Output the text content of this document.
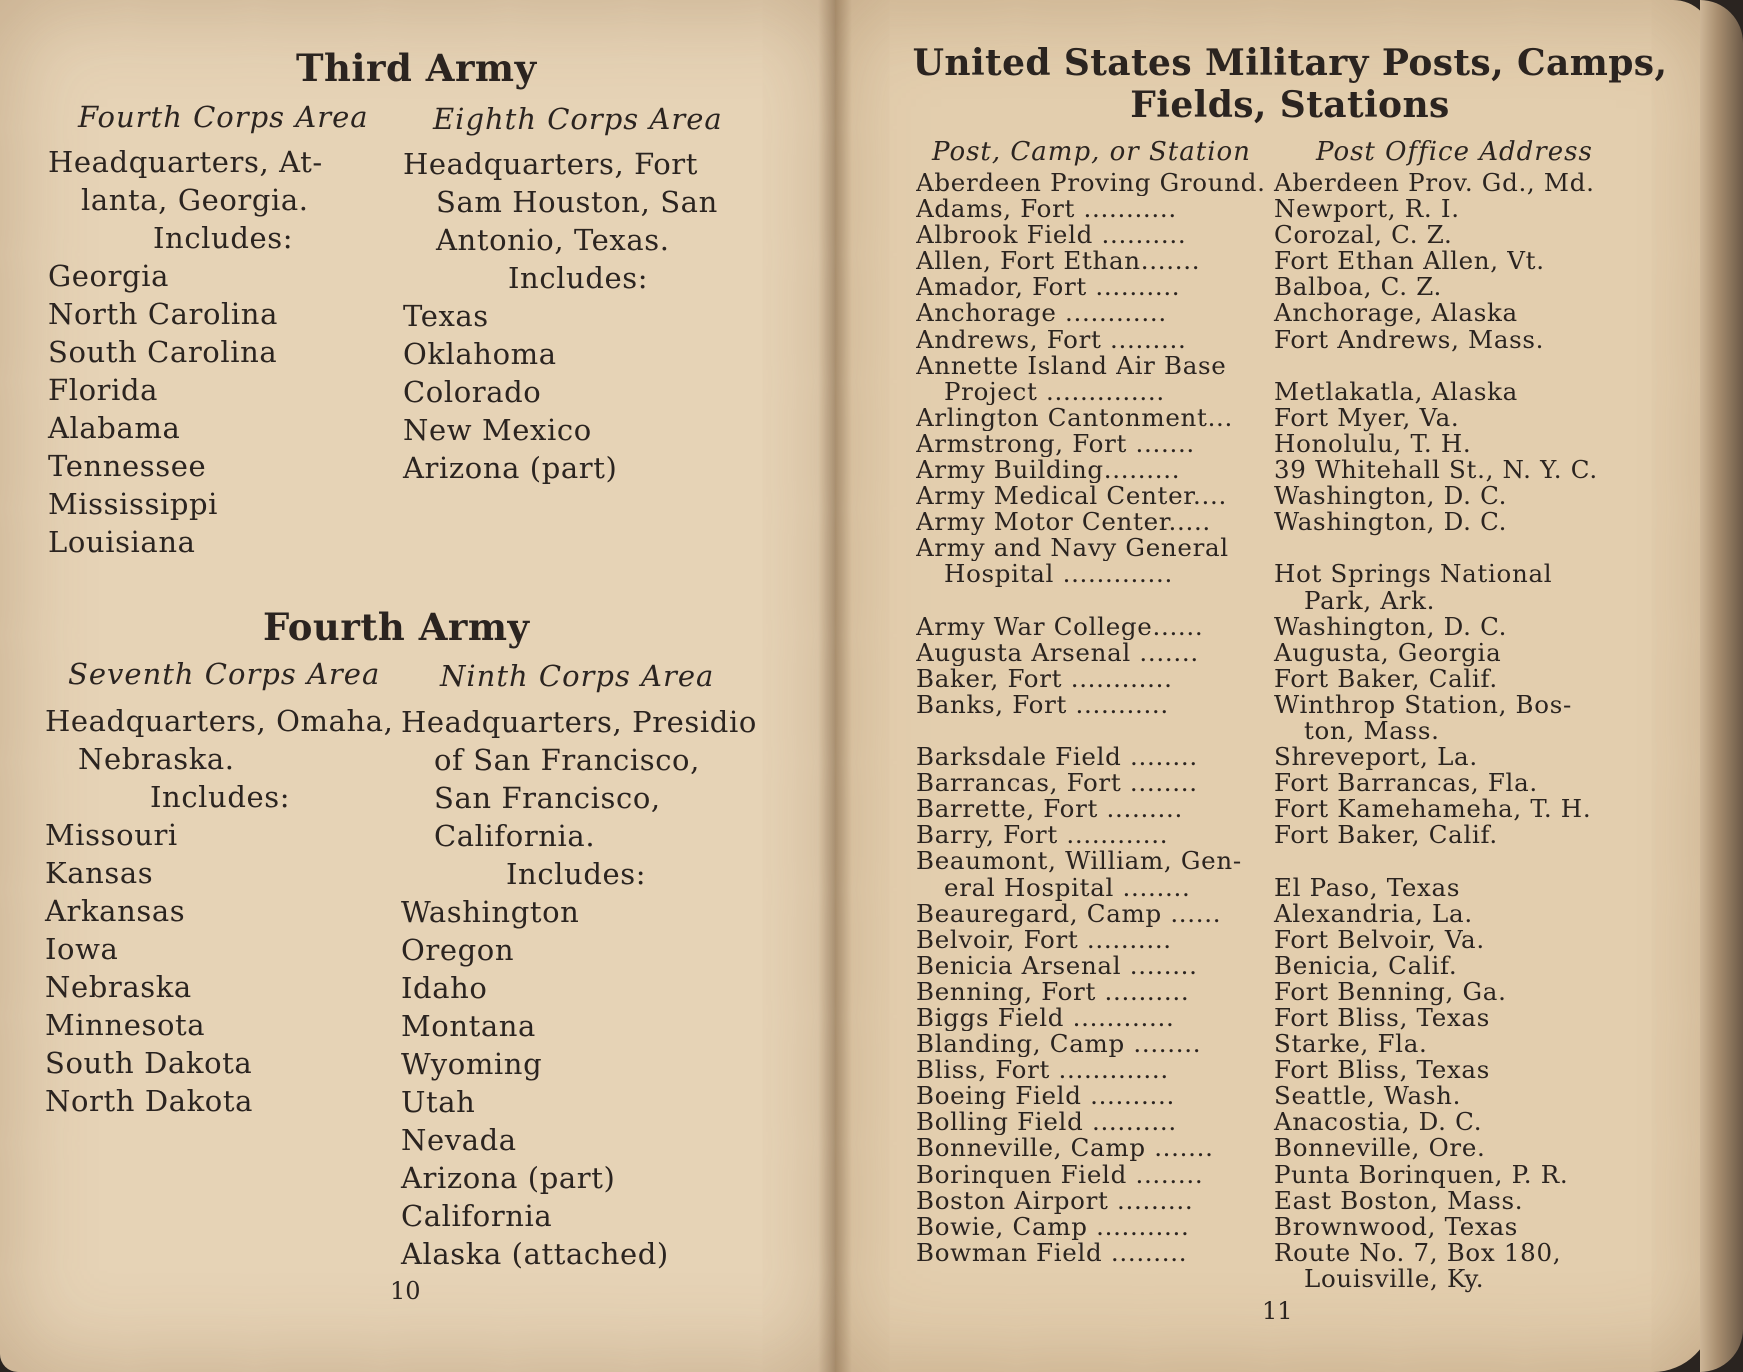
Third Army
Fourth Corps Area Eighth Corps Area
Headquarters, At-
lanta, Georgia.
Includes:
Georgia
North Carolina
South Carolina
Florida
Alabama
Tennessee
Mississippi
Louisiana
Headquarters, Fort
Sam Houston, San
Antonio, Texas.
Includes:
Texas
Oklahoma
Colorado
New Mexico
Arizona (part)
Fourth Army
Seventh Corps Area Ninth Corps Area
Headquarters, Omaha,
Nebraska.
Includes:
Missouri
Kansas
Arkansas
Iowa
Nebraska
Minnesota
South Dakota
North Dakota
Headquarters, Presidio
of San Francisco,
San Francisco,
California.
Includes:
Washington
Oregon
Idaho
Montana
Wyoming
Utah
Nevada
Arizona (part)
California
Alaska (attached)
10
United States Military Posts, Camps,
Fields, Stations
Post, Camp, or Station	Post Office Address
Aberdeen Proving Ground. Aberdeen Prov. Gd., Md.
Adams, Fort ...........	Newport, R. I.
Albrook Field ..........	Corozal, C. Z.
Allen, Fort Ethan.......	Fort Ethan Allen, Vt.
Amador, Fort ..........	Balboa, C. Z.
Anchorage ............	Anchorage, Alaska
Andrews, Fort .........	Fort Andrews, Mass.
Annette Island Air Base
Project ..............	Metlakatla, Alaska
Arlington Cantonment...	Fort Myer, Va.
Armstrong, Fort .......	Honolulu, T. H.
Army Building.........	39 Whitehall St., N. Y. C.
Army Medical Center....	Washington, D. C.
Army Motor Center.....	Washington, D. C.
Army and Navy General
Hospital .............	Hot Springs National
Park, Ark.
Army War College......	Washington, D. C.
Augusta Arsenal .......	Augusta, Georgia
Baker, Fort ............	Fort Baker, Calif.
Banks, Fort ...........	Winthrop Station, Bos-
ton, Mass.
Barksdale Field ........	Shreveport, La.
Barrancas, Fort ........	Fort Barrancas, Fla.
Barrette, Fort .........	Fort Kamehameha, T. H.
Barry, Fort ............	Fort Baker, Calif.
Beaumont, William, Gen-
eral Hospital ........	El Paso, Texas
Beauregard, Camp ......	Alexandria, La.
Belvoir, Fort ..........	Fort Belvoir, Va.
Benicia Arsenal ........	Benicia, Calif.
Benning, Fort ..........	Fort Benning, Ga.
Biggs Field ............	Fort Bliss, Texas
Blanding, Camp ........	Starke, Fla.
Bliss, Fort .............	Fort Bliss, Texas
Boeing Field ..........	Seattle, Wash.
Bolling Field ..........	Anacostia, D. C.
Bonneville, Camp .......	Bonneville, Ore.
Borinquen Field ........	Punta Borinquen, P. R.
Boston Airport .........	East Boston, Mass.
Bowie, Camp ...........	Brownwood, Texas
Bowman Field .........	Route No. 7, Box 180,
Louisville, Ky.
11
